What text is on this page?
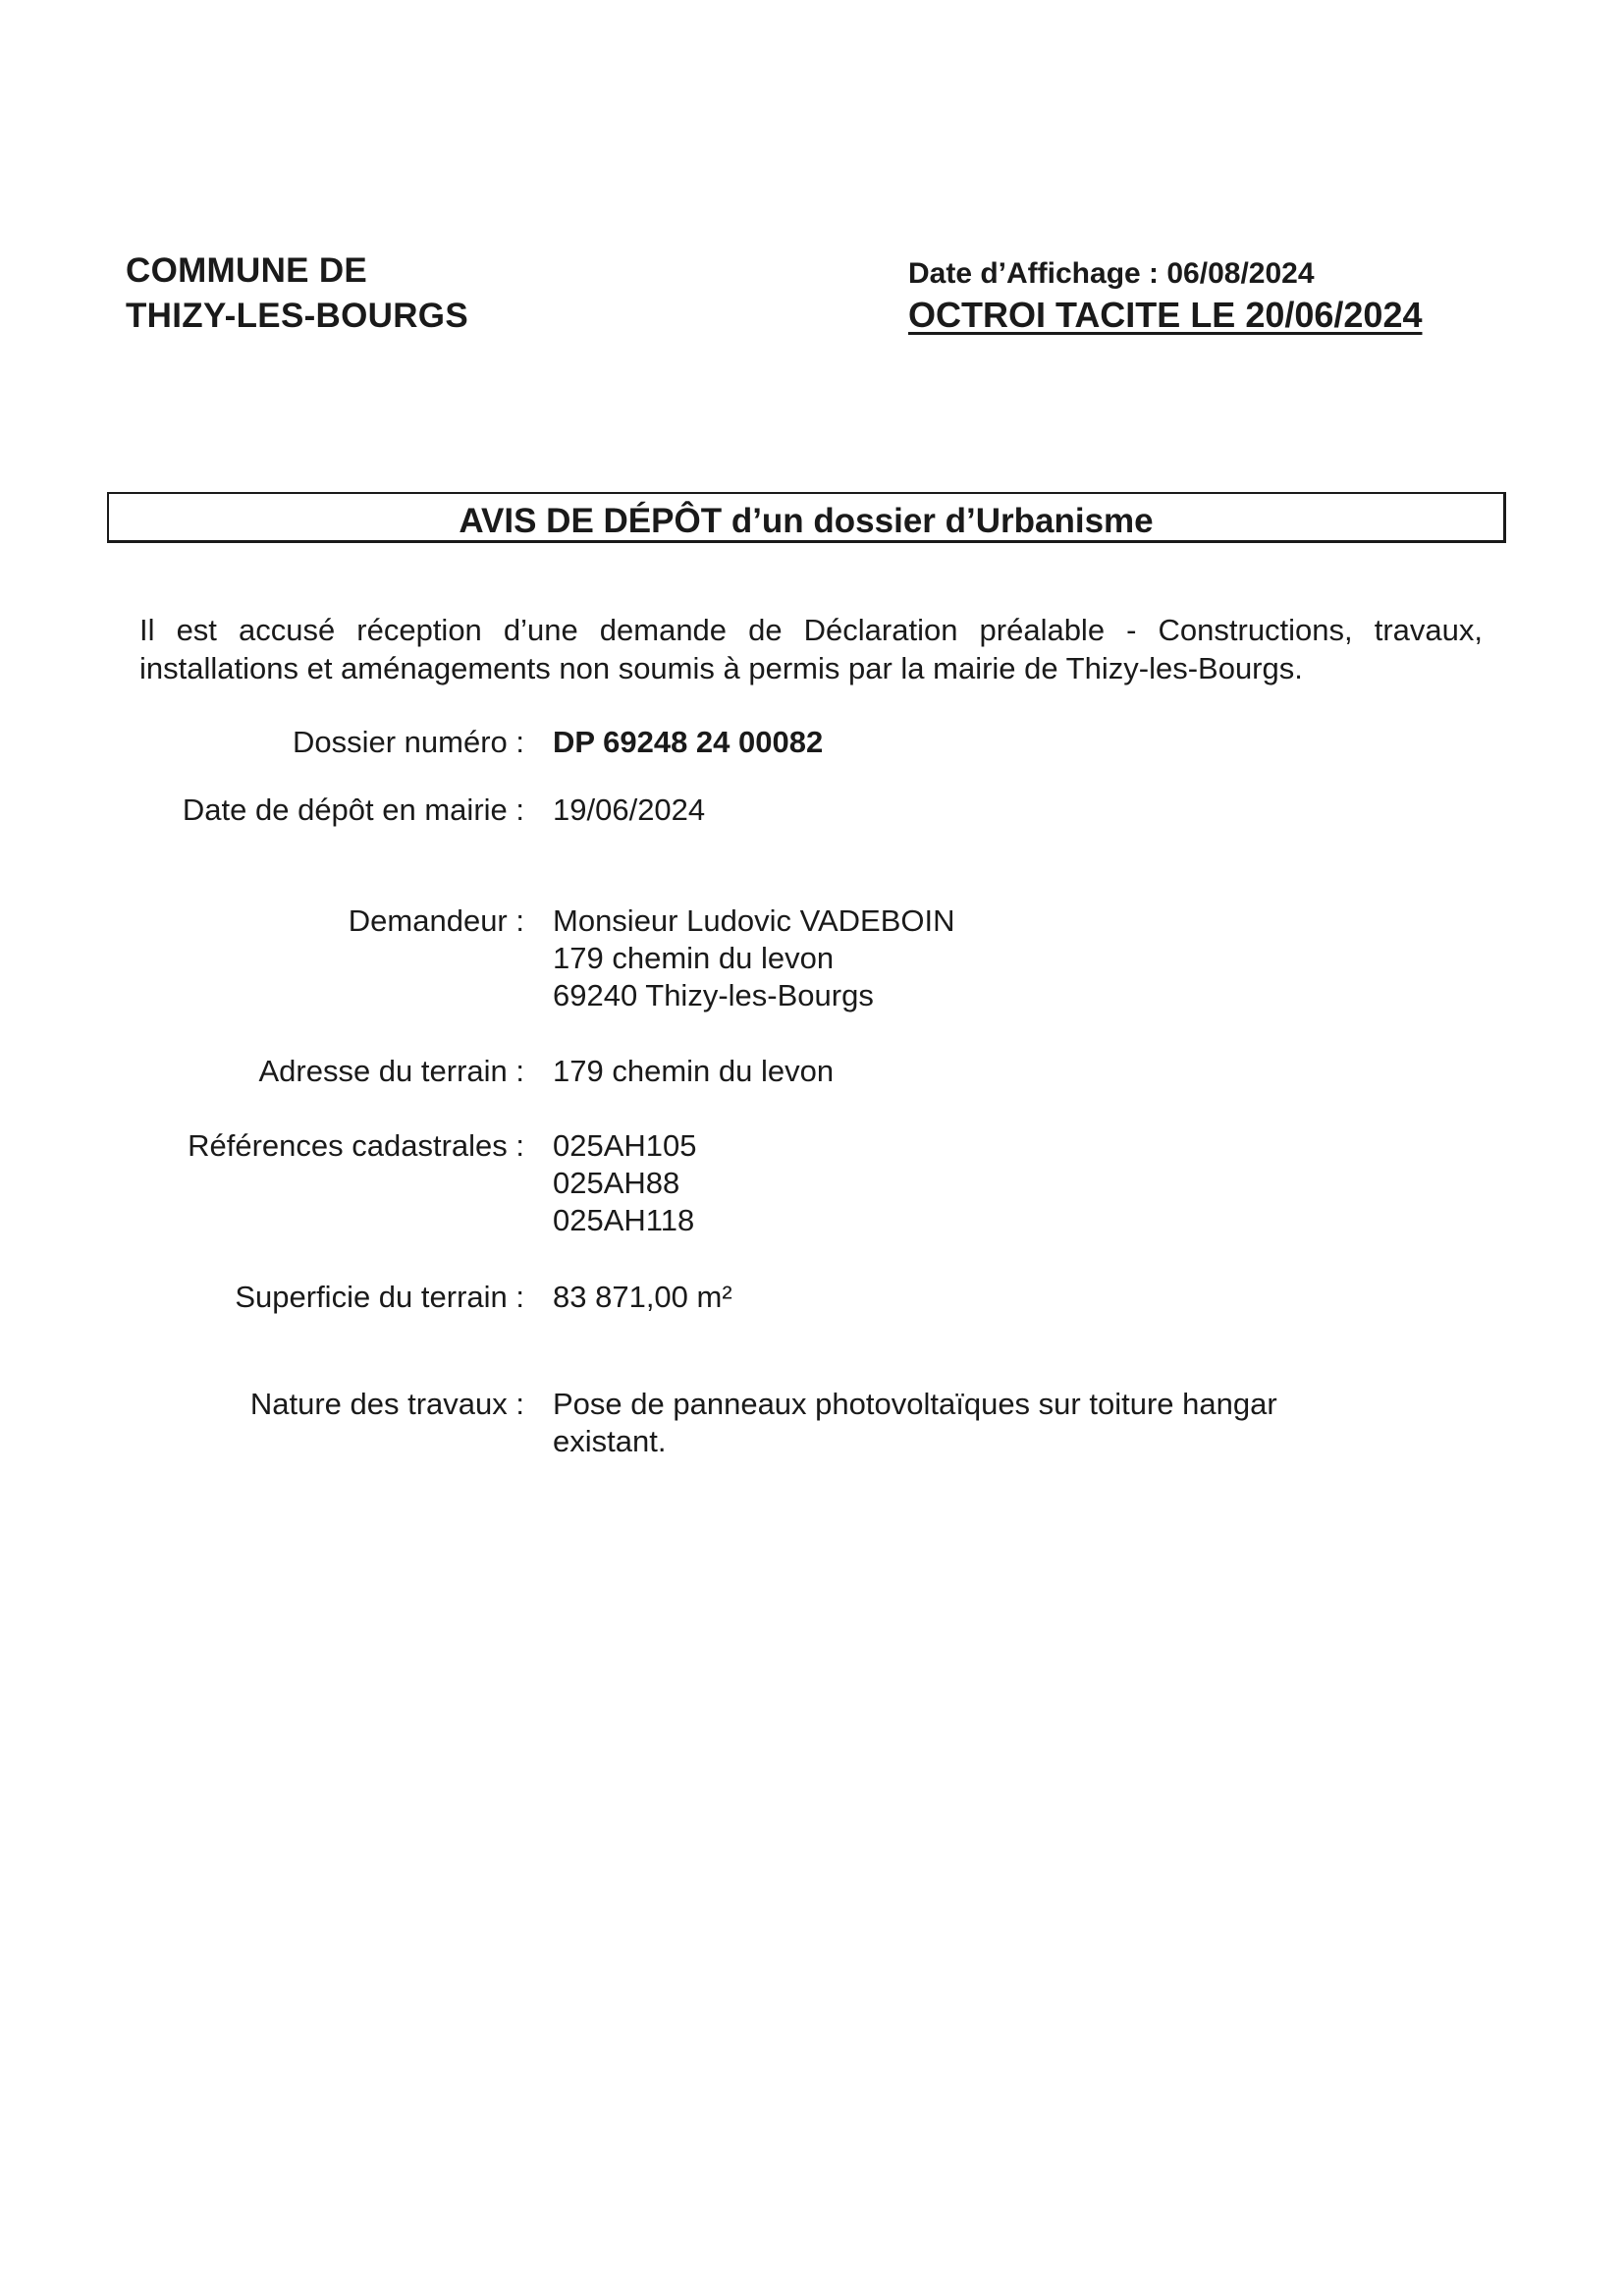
COMMUNE DE
THIZY-LES-BOURGS
Date d’Affichage : 06/08/2024
OCTROI TACITE LE 20/06/2024
AVIS DE DÉPÔT d’un dossier d’Urbanisme
Il est accusé réception d’une demande de Déclaration préalable - Constructions, travaux, installations et aménagements non soumis à permis par la mairie de Thizy-les-Bourgs.
Dossier numéro : DP 69248 24 00082
Date de dépôt en mairie : 19/06/2024
Demandeur : Monsieur Ludovic VADEBOIN
179 chemin du levon
69240 Thizy-les-Bourgs
Adresse du terrain : 179 chemin du levon
Références cadastrales : 025AH105
025AH88
025AH118
Superficie du terrain : 83 871,00 m²
Nature des travaux : Pose de panneaux photovoltaïques sur toiture hangar
existant.
